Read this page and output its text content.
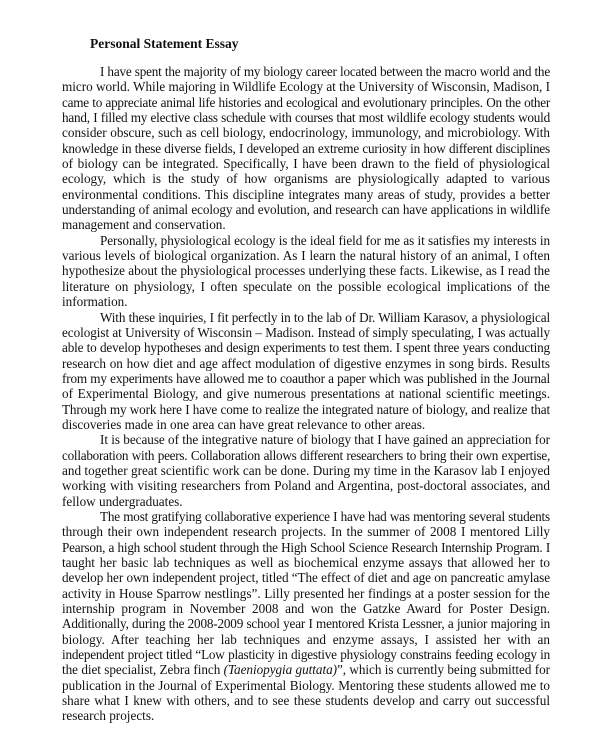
Personal Statement Essay
I have spent the majority of my biology career located between the macro world and the
micro world. While majoring in Wildlife Ecology at the University of Wisconsin, Madison, I
came to appreciate animal life histories and ecological and evolutionary principles. On the other
hand, I filled my elective class schedule with courses that most wildlife ecology students would
consider obscure, such as cell biology, endocrinology, immunology, and microbiology. With
knowledge in these diverse fields, I developed an extreme curiosity in how different disciplines
of biology can be integrated. Specifically, I have been drawn to the field of physiological
ecology, which is the study of how organisms are physiologically adapted to various
environmental conditions. This discipline integrates many areas of study, provides a better
understanding of animal ecology and evolution, and research can have applications in wildlife
management and conservation.
Personally, physiological ecology is the ideal field for me as it satisfies my interests in
various levels of biological organization. As I learn the natural history of an animal, I often
hypothesize about the physiological processes underlying these facts. Likewise, as I read the
literature on physiology, I often speculate on the possible ecological implications of the
information.
With these inquiries, I fit perfectly in to the lab of Dr. William Karasov, a physiological
ecologist at University of Wisconsin – Madison. Instead of simply speculating, I was actually
able to develop hypotheses and design experiments to test them. I spent three years conducting
research on how diet and age affect modulation of digestive enzymes in song birds. Results
from my experiments have allowed me to coauthor a paper which was published in the Journal
of Experimental Biology, and give numerous presentations at national scientific meetings.
Through my work here I have come to realize the integrated nature of biology, and realize that
discoveries made in one area can have great relevance to other areas.
It is because of the integrative nature of biology that I have gained an appreciation for
collaboration with peers. Collaboration allows different researchers to bring their own expertise,
and together great scientific work can be done. During my time in the Karasov lab I enjoyed
working with visiting researchers from Poland and Argentina, post-doctoral associates, and
fellow undergraduates.
The most gratifying collaborative experience I have had was mentoring several students
through their own independent research projects. In the summer of 2008 I mentored Lilly
Pearson, a high school student through the High School Science Research Internship Program. I
taught her basic lab techniques as well as biochemical enzyme assays that allowed her to
develop her own independent project, titled “The effect of diet and age on pancreatic amylase
activity in House Sparrow nestlings”. Lilly presented her findings at a poster session for the
internship program in November 2008 and won the Gatzke Award for Poster Design.
Additionally, during the 2008-2009 school year I mentored Krista Lessner, a junior majoring in
biology. After teaching her lab techniques and enzyme assays, I assisted her with an
independent project titled “Low plasticity in digestive physiology constrains feeding ecology in
the diet specialist, Zebra finch (Taeniopygia guttata)”, which is currently being submitted for
publication in the Journal of Experimental Biology. Mentoring these students allowed me to
share what I knew with others, and to see these students develop and carry out successful
research projects.
